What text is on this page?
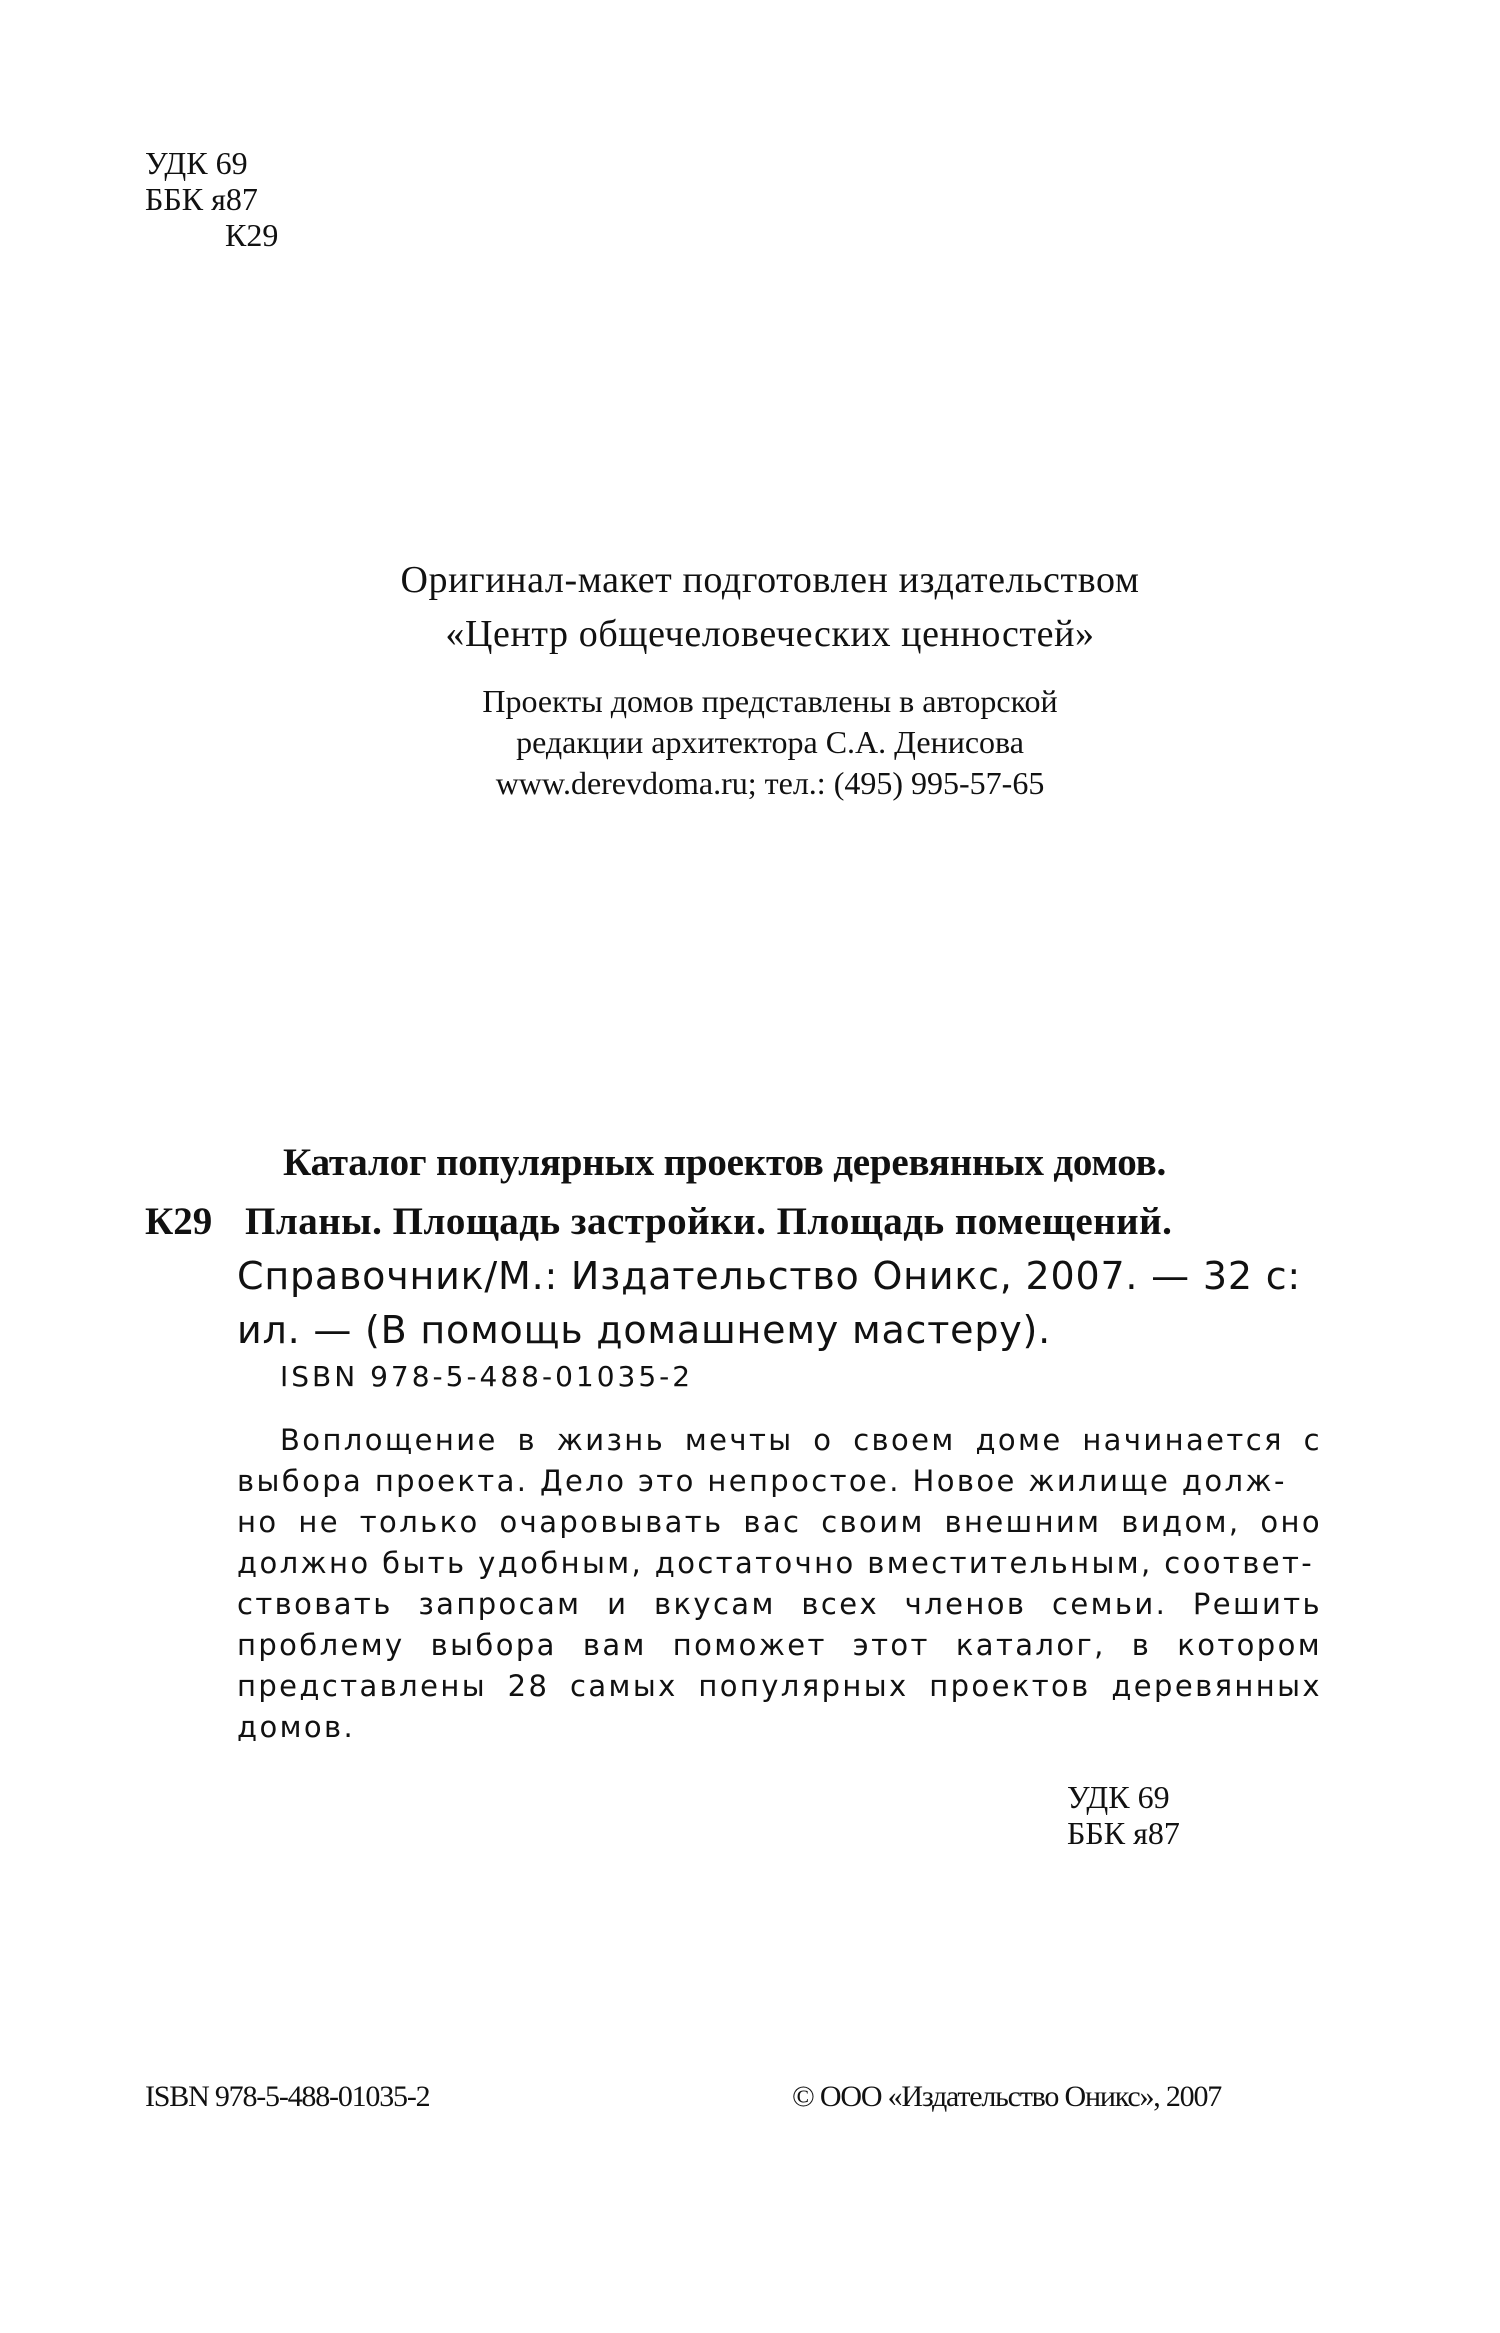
УДК 69
ББК я87
К29
Оригинал-макет подготовлен издательством
«Центр общечеловеческих ценностей»
Проекты домов представлены в авторской
редакции архитектора С.А. Денисова
www.derevdoma.ru; тел.: (495) 995-57-65
Каталог популярных проектов деревянных домов.
К29 Планы. Площадь застройки. Площадь помещений.
Справочник/М.: Издательство Оникс, 2007. — 32 с:
ил. — (В помощь домашнему мастеру).
ISBN 978-5-488-01035-2

Воплощение в жизнь мечты о своем доме начинается с выбора проекта. Дело это непростое. Новое жилище долж-
но не только очаровывать вас своим внешним видом, оно должно быть удобным, достаточно вместительным, соответ-
ствовать запросам и вкусам всех членов семьи. Решить проблему выбора вам поможет этот каталог, в котором представлены 28 самых популярных проектов деревянных домов.

УДК 69
ББК я87
ISBN 978-5-488-01035-2	© ООО «Издательство Оникс», 2007
